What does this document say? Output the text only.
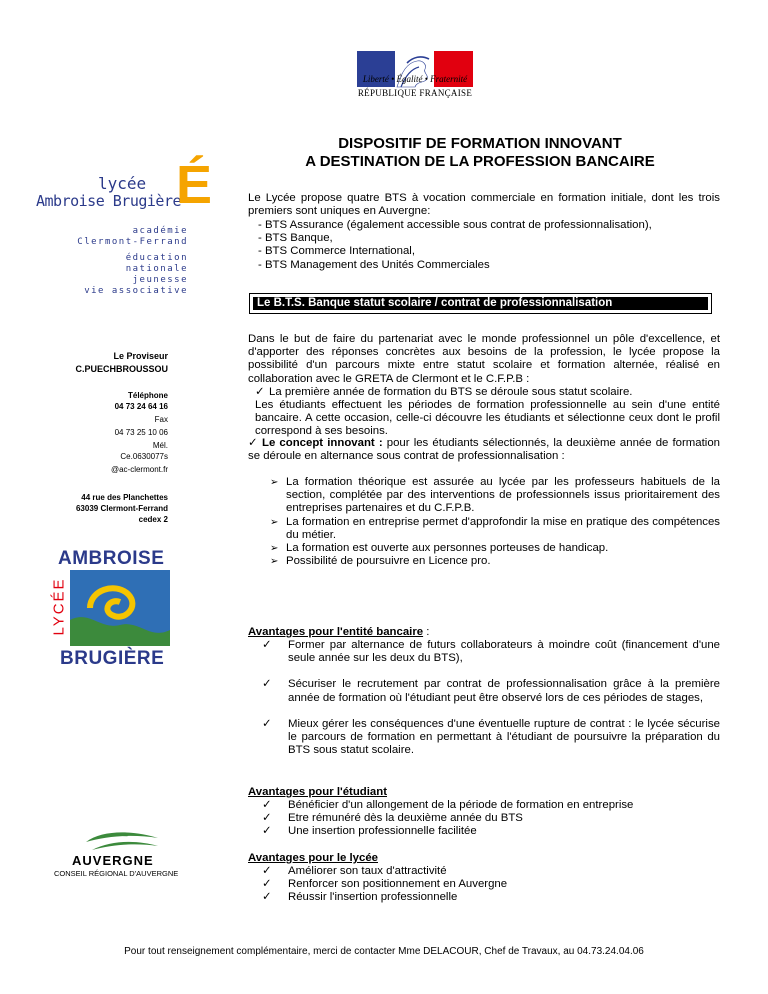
Liberté • Égalité • Fraternité
RÉPUBLIQUE FRANÇAISE
DISPOSITIF DE FORMATION INNOVANT
A DESTINATION DE LA PROFESSION BANCAIRE
lycée
Ambroise Brugière
É
académie
Clermont-Ferrand
éducation
nationale
jeunesse
vie associative
Le Proviseur
C.PUECHBROUSSOU
Téléphone
04 73 24 64 16
Fax
04 73 25 10 06
Mél.
Ce.0630077s
@ac-clermont.fr
44 rue des Planchettes
63039 Clermont-Ferrand
cedex 2
AMBROISE
LYCÉE
BRUGIÈRE
AUVERGNE
CONSEIL RÉGIONAL D'AUVERGNE
Le Lycée propose quatre BTS à vocation commerciale en formation initiale, dont les trois premiers sont uniques en Auvergne:
- BTS Assurance (également accessible sous contrat de professionnalisation),
- BTS Banque,
- BTS Commerce International,
- BTS Management des Unités Commerciales
Le B.T.S. Banque statut scolaire / contrat de professionnalisation
Dans le but de faire du partenariat avec le monde professionnel un pôle d'excellence, et d'apporter des réponses concrètes aux besoins de la profession, le lycée propose la possibilité d'un parcours mixte entre statut scolaire et formation alternée, réalisé en collaboration avec le GRETA de Clermont et le C.F.P.B :
✓ La première année de formation du BTS se déroule sous statut scolaire.
Les étudiants effectuent les périodes de formation professionnelle au sein d'une entité bancaire. A cette occasion, celle-ci découvre les étudiants et sélectionne ceux dont le profil correspond à ses besoins.
✓ Le concept innovant : pour les étudiants sélectionnés, la deuxième année de formation se déroule en alternance sous contrat de professionnalisation :
➢ La formation théorique est assurée au lycée par les professeurs habituels de la section, complétée par des interventions de professionnels issus prioritairement des entreprises partenaires et du C.F.P.B.
➢ La formation en entreprise permet d'approfondir la mise en pratique des compétences du métier.
➢ La formation est ouverte aux personnes porteuses de handicap.
➢ Possibilité de poursuivre en Licence pro.
Avantages pour l'entité bancaire :
✓	Former par alternance de futurs collaborateurs à moindre coût (financement d'une seule année sur les deux du BTS),
✓	Sécuriser le recrutement par contrat de professionnalisation grâce à la première année de formation où l'étudiant peut être observé lors de ces périodes de stages,
✓	Mieux gérer les conséquences d'une éventuelle rupture de contrat : le lycée sécurise le parcours de formation en permettant à l'étudiant de poursuivre la préparation du BTS sous statut scolaire.
Avantages pour l'étudiant
✓ Bénéficier d'un allongement de la période de formation en entreprise
✓ Etre rémunéré dès la deuxième année du BTS
✓ Une insertion professionnelle facilitée
Avantages pour le lycée
✓ Améliorer son taux d'attractivité
✓ Renforcer son positionnement en Auvergne
✓ Réussir l'insertion professionnelle
Pour tout renseignement complémentaire, merci de contacter Mme DELACOUR, Chef de Travaux, au 04.73.24.04.06
